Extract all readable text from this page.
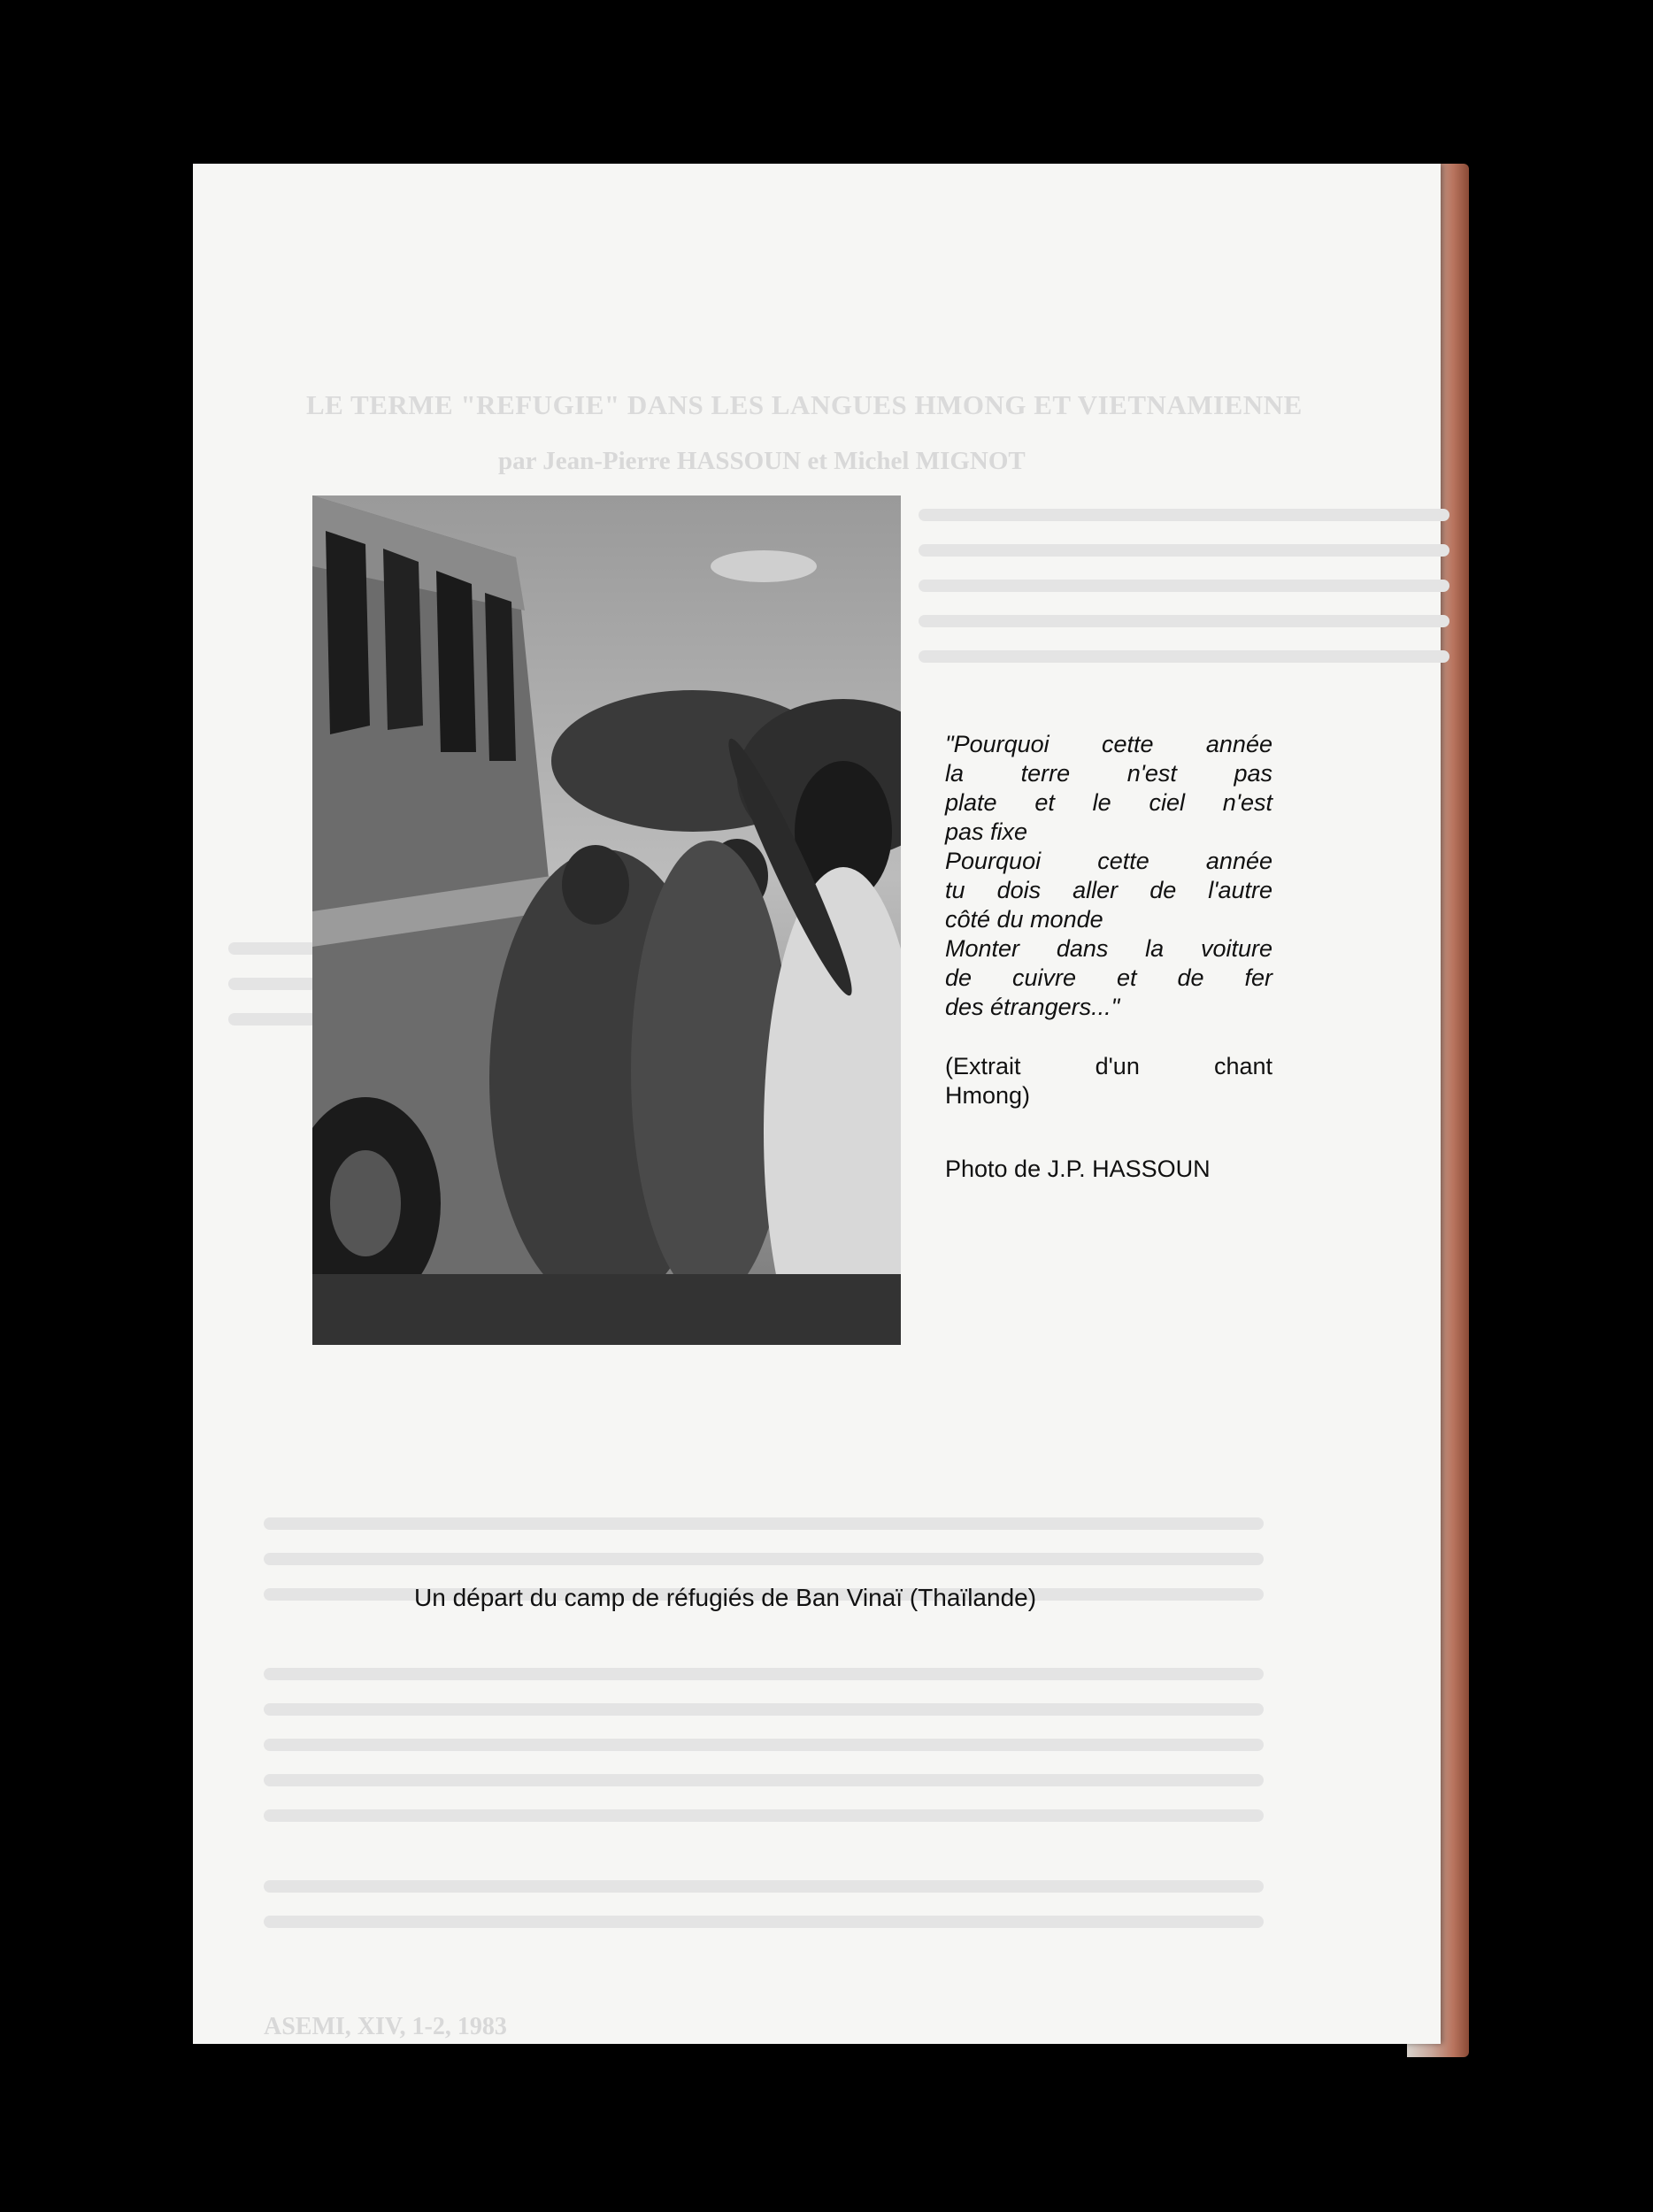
LE TERME "REFUGIE" DANS LES LANGUES HMONG ET VIETNAMIENNE
par Jean-Pierre HASSOUN et Michel MIGNOT
ASEMI, XIV, 1-2, 1983
"Pourquoi cette année
la terre n'est pas
plate et le ciel n'est
pas fixe
Pourquoi cette année
tu dois aller de l'autre
côté du monde
Monter dans la voiture
de cuivre et de fer
des étrangers..."
(Extrait d'un chant
Hmong)
Photo de J.P. HASSOUN
Un départ du camp de réfugiés de Ban Vinaï (Thaïlande)
